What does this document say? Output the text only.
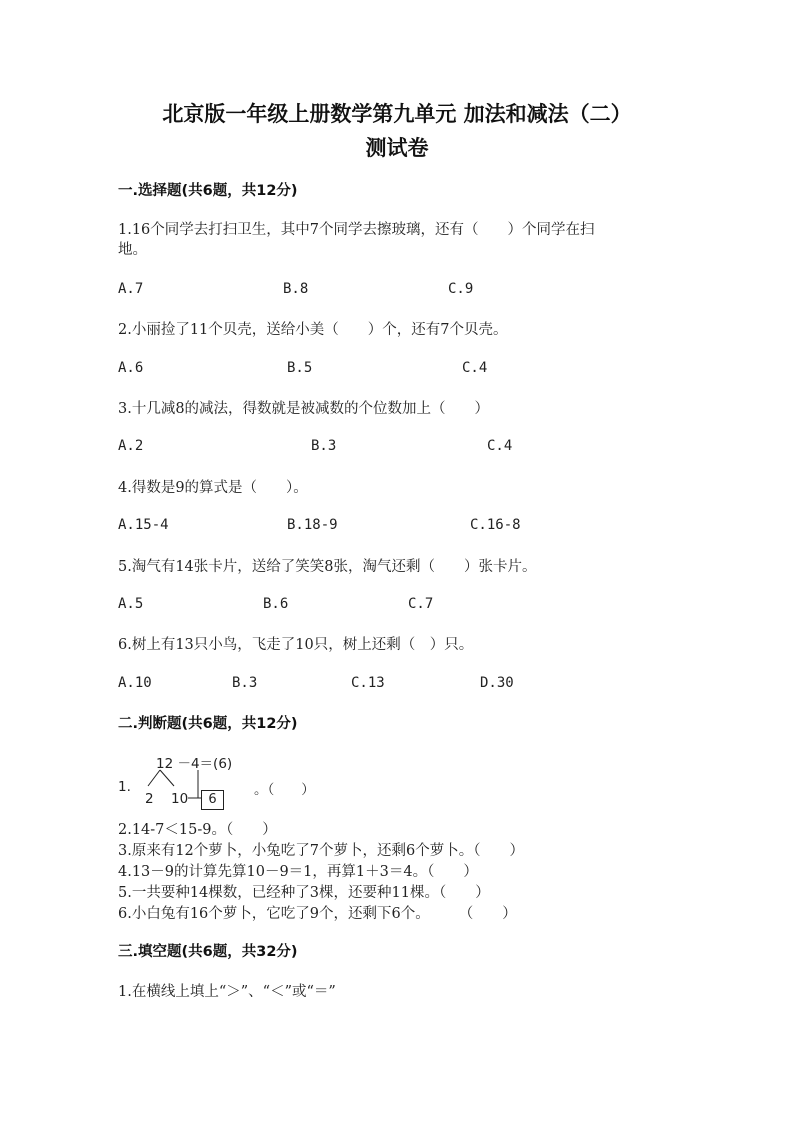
北京版一年级上册数学第九单元 加法和减法（二）
测试卷
一.选择题(共6题，共12分)
1.16个同学去打扫卫生，其中7个同学去擦玻璃，还有（　　）个同学在扫
地。
A.7	B.8	C.9
2.小丽捡了11个贝壳，送给小美（　　）个，还有7个贝壳。
A.6	B.5	C.4
3.十几减8的减法，得数就是被减数的个位数加上（　　）
A.2	B.3	C.4
4.得数是9的算式是（　　）。
A.15-4	B.18-9	C.16-8
5.淘气有14张卡片，送给了笑笑8张，淘气还剩（　　）张卡片。
A.5	B.6	C.7
6.树上有13只小鸟，飞走了10只，树上还剩（　）只。
A.10	B.3	C.13	D.30
二.判断题(共6题，共12分)
1.
12 －4＝(6)
2 10	6
。（　　）
2.14-7＜15-9。（　　）
3.原来有12个萝卜，小兔吃了7个萝卜，还剩6个萝卜。（　　）
4.13－9的计算先算10－9＝1，再算1＋3＝4。（　　）
5.一共要种14棵数，已经种了3棵，还要种11棵。（　　）
6.小白兔有16个萝卜，它吃了9个，还剩下6个。　　　（　　）
三.填空题(共6题，共32分)
1.在横线上填上“＞”、“＜”或“＝”
